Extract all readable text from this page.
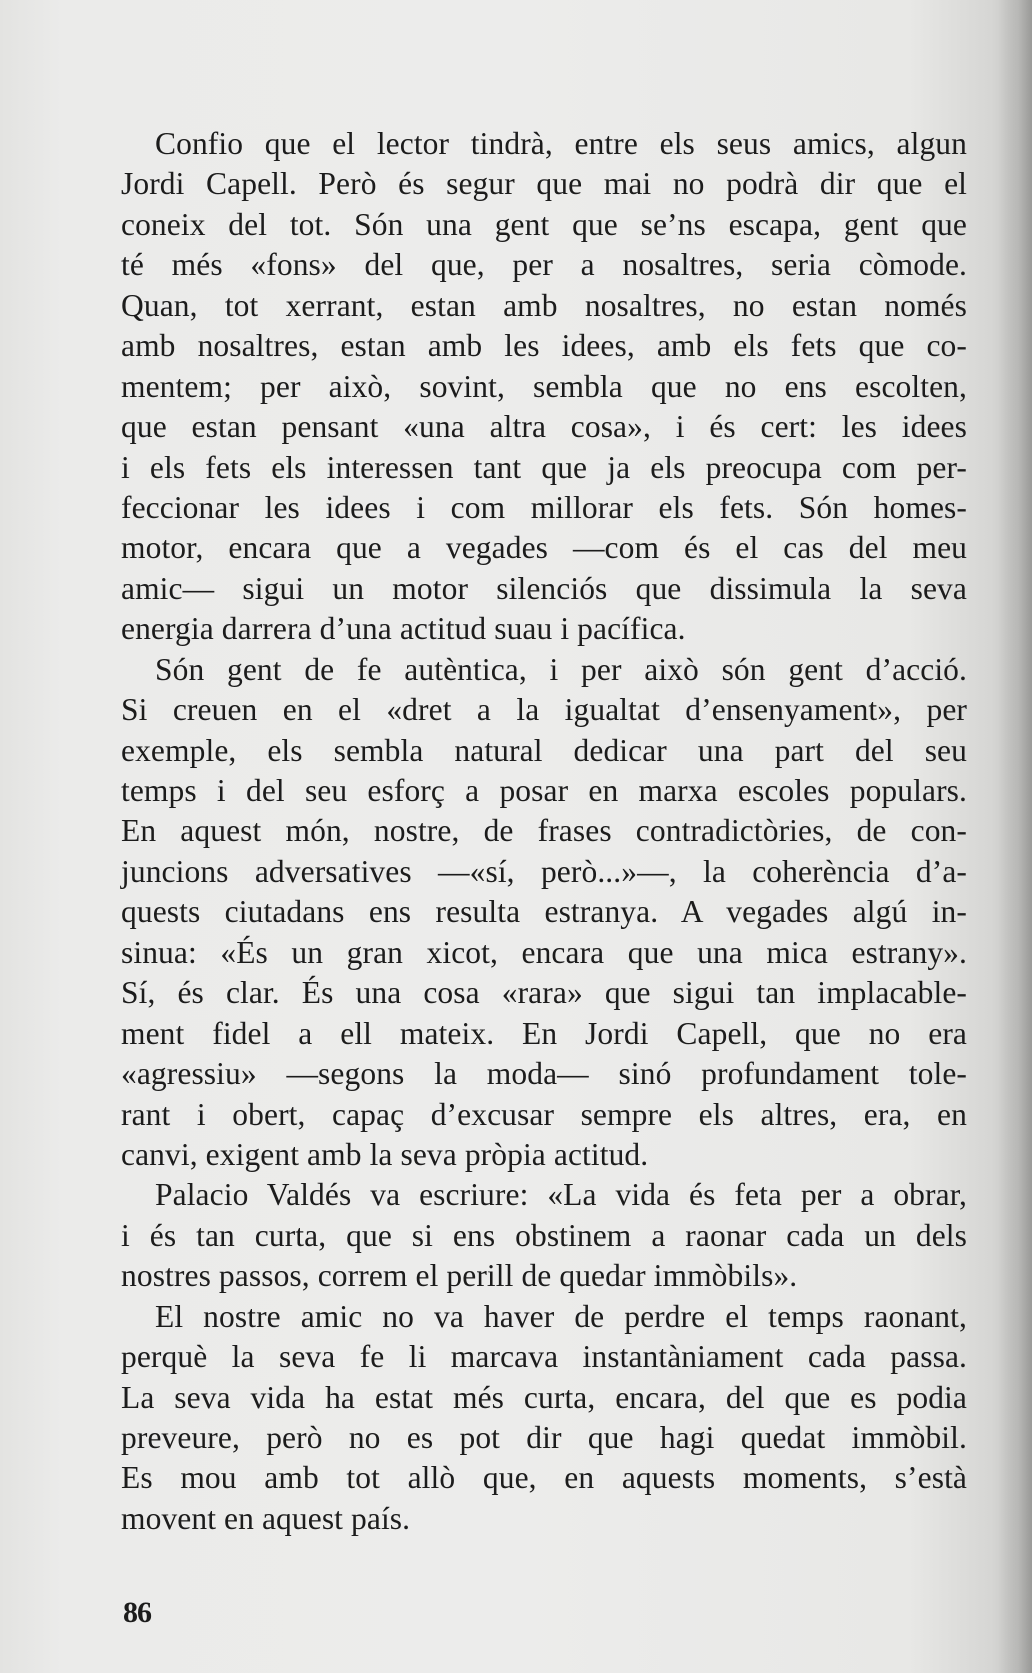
Confio que el lector tindrà, entre els seus amics, algun
Jordi Capell. Però és segur que mai no podrà dir que el
coneix del tot. Són una gent que se’ns escapa, gent que
té més «fons» del que, per a nosaltres, seria còmode.
Quan, tot xerrant, estan amb nosaltres, no estan només
amb nosaltres, estan amb les idees, amb els fets que co-
mentem; per això, sovint, sembla que no ens escolten,
que estan pensant «una altra cosa», i és cert: les idees
i els fets els interessen tant que ja els preocupa com per-
feccionar les idees i com millorar els fets. Són homes-
motor, encara que a vegades —com és el cas del meu
amic— sigui un motor silenciós que dissimula la seva
energia darrera d’una actitud suau i pacífica.
Són gent de fe autèntica, i per això són gent d’acció.
Si creuen en el «dret a la igualtat d’ensenyament», per
exemple, els sembla natural dedicar una part del seu
temps i del seu esforç a posar en marxa escoles populars.
En aquest món, nostre, de frases contradictòries, de con-
juncions adversatives —«sí, però...»—, la coherència d’a-
quests ciutadans ens resulta estranya. A vegades algú in-
sinua: «És un gran xicot, encara que una mica estrany».
Sí, és clar. És una cosa «rara» que sigui tan implacable-
ment fidel a ell mateix. En Jordi Capell, que no era
«agressiu» —segons la moda— sinó profundament tole-
rant i obert, capaç d’excusar sempre els altres, era, en
canvi, exigent amb la seva pròpia actitud.
Palacio Valdés va escriure: «La vida és feta per a obrar,
i és tan curta, que si ens obstinem a raonar cada un dels
nostres passos, correm el perill de quedar immòbils».
El nostre amic no va haver de perdre el temps raonant,
perquè la seva fe li marcava instantàniament cada passa.
La seva vida ha estat més curta, encara, del que es podia
preveure, però no es pot dir que hagi quedat immòbil.
Es mou amb tot allò que, en aquests moments, s’està
movent en aquest país.
86
